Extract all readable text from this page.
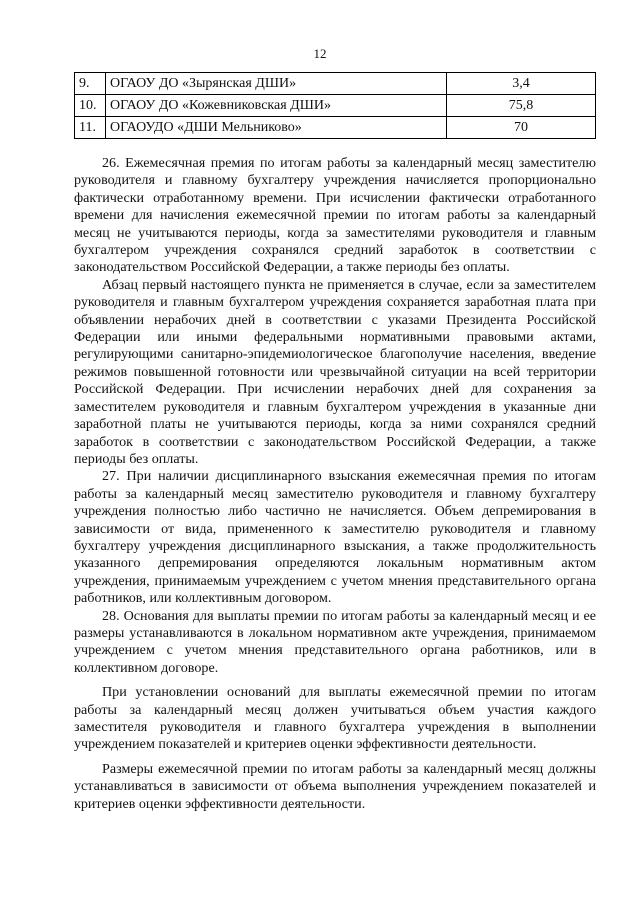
12
9.	ОГАОУ ДО «Зырянская ДШИ»	3,4
10.	ОГАОУ ДО «Кожевниковская ДШИ»	75,8
11.	ОГАОУДО «ДШИ Мельниково»	70

26. Ежемесячная премия по итогам работы за календарный месяц заместителю руководителя и главному бухгалтеру учреждения начисляется пропорционально фактически отработанному времени. При исчислении фактически отработанного времени для начисления ежемесячной премии по итогам работы за календарный месяц не учитываются периоды, когда за заместителями руководителя и главным бухгалтером учреждения сохранялся средний заработок в соответствии с законодательством Российской Федерации, а также периоды без оплаты.

Абзац первый настоящего пункта не применяется в случае, если за заместителем руководителя и главным бухгалтером учреждения сохраняется заработная плата при объявлении нерабочих дней в соответствии с указами Президента Российской Федерации или иными федеральными нормативными правовыми актами, регулирующими санитарно-эпидемиологическое благополучие населения, введение режимов повышенной готовности или чрезвычайной ситуации на всей территории Российской Федерации. При исчислении нерабочих дней для сохранения за заместителем руководителя и главным бухгалтером учреждения в указанные дни заработной платы не учитываются периоды, когда за ними сохранялся средний заработок в соответствии с законодательством Российской Федерации, а также периоды без оплаты.

27. При наличии дисциплинарного взыскания ежемесячная премия по итогам работы за календарный месяц заместителю руководителя и главному бухгалтеру учреждения полностью либо частично не начисляется. Объем депремирования в зависимости от вида, примененного к заместителю руководителя и главному бухгалтеру учреждения дисциплинарного взыскания, а также продолжительность указанного депремирования определяются локальным нормативным актом учреждения, принимаемым учреждением с учетом мнения представительного органа работников, или коллективным договором.

28. Основания для выплаты премии по итогам работы за календарный месяц и ее размеры устанавливаются в локальном нормативном акте учреждения, принимаемом учреждением с учетом мнения представительного органа работников, или в коллективном договоре.

При установлении оснований для выплаты ежемесячной премии по итогам работы за календарный месяц должен учитываться объем участия каждого заместителя руководителя и главного бухгалтера учреждения в выполнении учреждением показателей и критериев оценки эффективности деятельности.

Размеры ежемесячной премии по итогам работы за календарный месяц должны устанавливаться в зависимости от объема выполнения учреждением показателей и критериев оценки эффективности деятельности.
